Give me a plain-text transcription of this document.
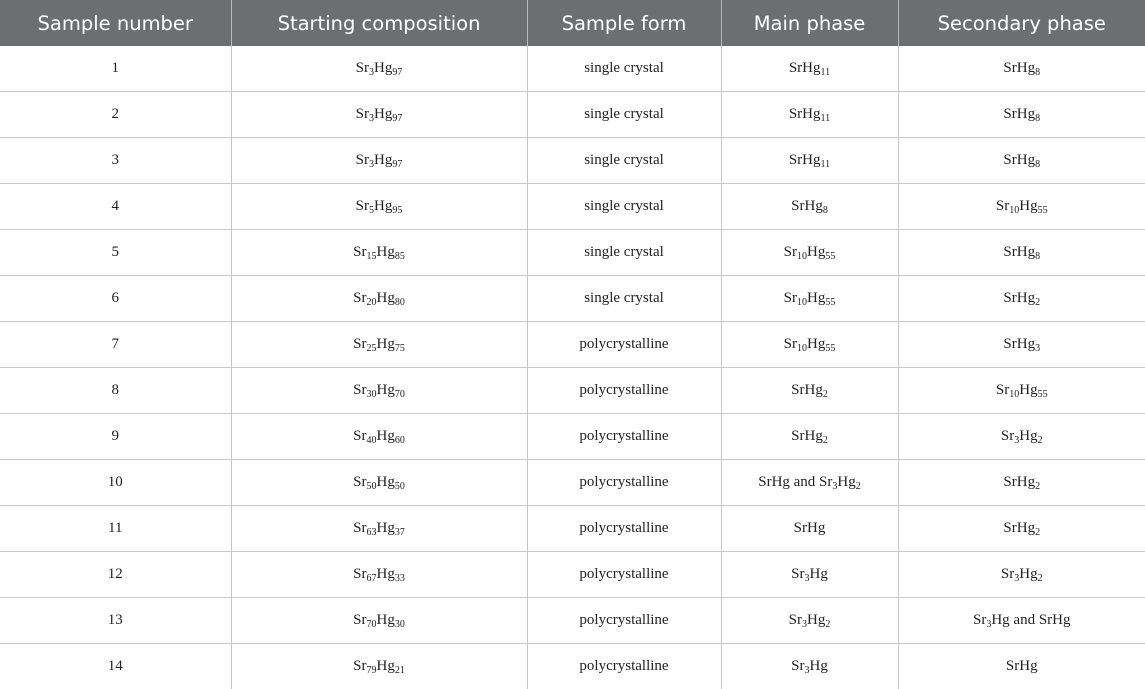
Sample number	Starting composition	Sample form	Main phase	Secondary phase
1	$Sr_3Hg_{97}$	single crystal	SrHg$_{11}$	SrHg$_8$
2	$Sr_3Hg_{97}$	single crystal	SrHg$_{11}$	SrHg$_8$
3	$Sr_3Hg_{97}$	single crystal	SrHg$_{11}$	SrHg$_8$
4	$Sr_5Hg_{95}$	single crystal	SrHg$_8$	$Sr_{10}Hg_{55}$
5	$Sr_{15}Hg_{85}$	single crystal	$Sr_{10}Hg_{55}$	SrHg$_8$
6	$Sr_{20}Hg_{80}$	single crystal	$Sr_{10}Hg_{55}$	SrHg$_2$
7	$Sr_{25}Hg_{75}$	polycrystalline	$Sr_{10}Hg_{55}$	SrHg$_3$
8	$Sr_{30}Hg_{70}$	polycrystalline	SrHg$_2$	$Sr_{10}Hg_{55}$
9	$Sr_{40}Hg_{60}$	polycrystalline	SrHg$_2$	$Sr_3Hg_2$
10	$Sr_{50}Hg_{50}$	polycrystalline	SrHg and $Sr_3Hg_2$	SrHg$_2$
11	$Sr_{63}Hg_{37}$	polycrystalline	SrHg	SrHg$_2$
12	$Sr_{67}Hg_{33}$	polycrystalline	$Sr_3Hg$	$Sr_3Hg_2$
13	$Sr_{70}Hg_{30}$	polycrystalline	$Sr_3Hg_2$	$Sr_3Hg$ and SrHg
14	$Sr_{79}Hg_{21}$	polycrystalline	$Sr_3Hg$	SrHg
